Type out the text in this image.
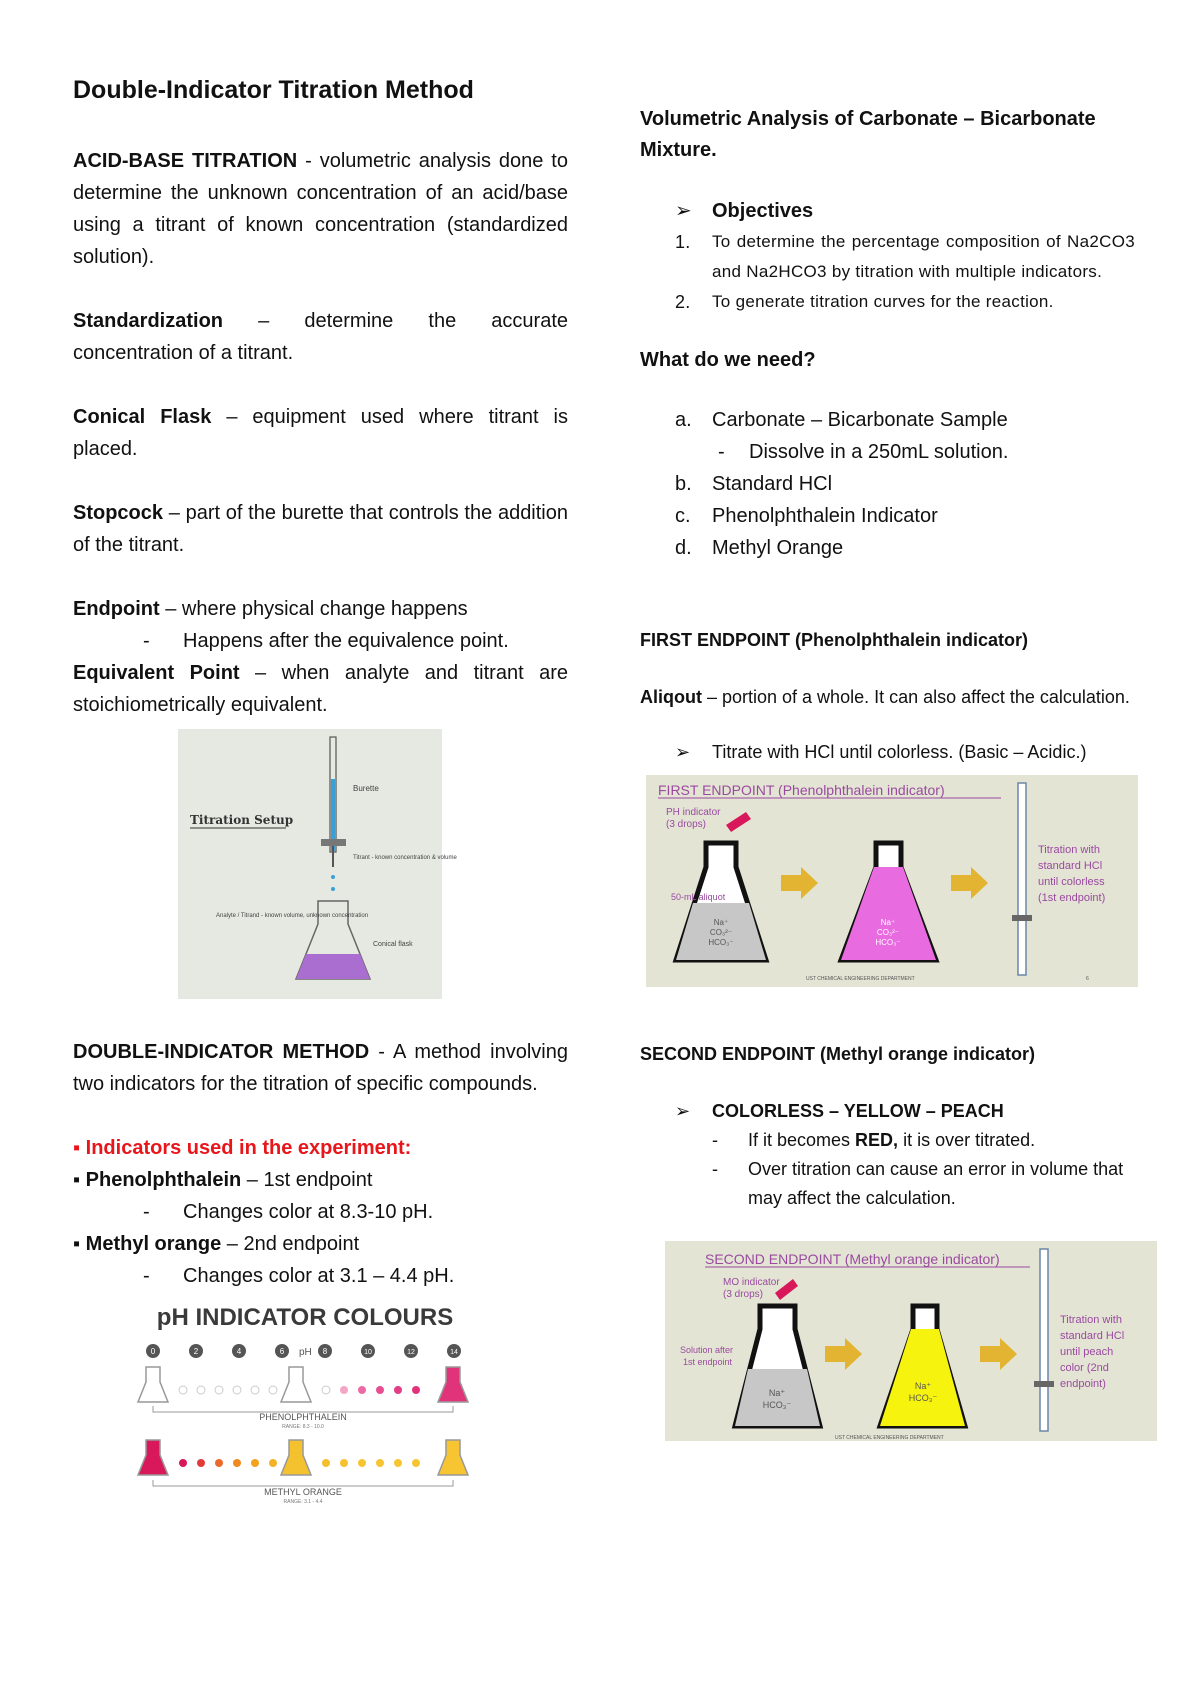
Double-Indicator Titration Method

ACID-BASE TITRATION - volumetric analysis done to determine the unknown concentration of an acid/base using a titrant of known concentration (standardized solution).

Standardization – determine the accurate concentration of a titrant.

Conical Flask – equipment used where titrant is placed.

Stopcock – part of the burette that controls the addition of the titrant.

Endpoint – where physical change happens

- Happens after the equivalence point.

Equivalent Point – when analyte and titrant are stoichiometrically equivalent.

Titration Setup
Burette
Titrant - known concentration & volume
Analyte / Titrand - known volume, unknown concentration
Conical flask

DOUBLE-INDICATOR METHOD - A method involving two indicators for the titration of specific compounds.

▪ Indicators used in the experiment:

▪ Phenolphthalein – 1st endpoint

- Changes color at 8.3-10 pH.

▪ Methyl orange – 2nd endpoint

- Changes color at 3.1 – 4.4 pH.
pH INDICATOR COLOURS
0	2	4	6 pH 8	10	12	14
PHENOLPHTHALEIN
RANGE: 8.3 - 10.0
METHYL ORANGE
RANGE: 3.1 - 4.4

Volumetric Analysis of Carbonate – Bicarbonate Mixture.

➢ Objectives
1. To determine the percentage composition of Na2CO3 and Na2HCO3 by titration with multiple indicators.
2. To generate titration curves for the reaction.
What do we need?
a. Carbonate – Bicarbonate Sample
- Dissolve in a 250mL solution.
b. Standard HCl
c. Phenolphthalein Indicator
d. Methyl Orange

FIRST ENDPOINT (Phenolphthalein indicator)

Aliqout – portion of a whole. It can also affect the calculation.

➢ Titrate with HCl until colorless. (Basic – Acidic.)
FIRST ENDPOINT (Phenolphthalein indicator)
PH indicator
(3 drops)
50-mL aliquot
Na⁺
CO₃²⁻
HCO₃⁻
Na⁺
CO₃²⁻
HCO₃⁻
Titration with standard HCl until colorless (1st endpoint)
UST CHEMICAL ENGINEERING DEPARTMENT	6

SECOND ENDPOINT (Methyl orange indicator)

➢ COLORLESS – YELLOW – PEACH
- If it becomes RED, it is over titrated.
- Over titration can cause an error in volume that may affect the calculation.
SECOND ENDPOINT (Methyl orange indicator)
MO indicator
(3 drops)
Solution after 1st endpoint
Na⁺
HCO₃⁻
Na⁺
HCO₃⁻
Titration with standard HCl until peach color (2nd endpoint)
UST CHEMICAL ENGINEERING DEPARTMENT
